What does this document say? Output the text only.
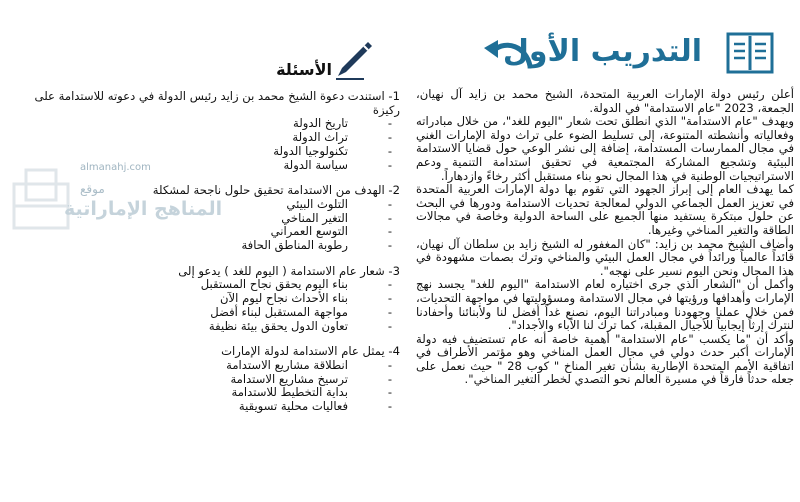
almanahj.com
موقع
المناهج الإماراتية
التدريب الأول

أعلن رئيس دولة الإمارات العربية المتحدة، الشيخ محمد بن زايد آل نهيان، الجمعة، 2023 "عام الاستدامة" في الدولة.

ويهدف "عام الاستدامة" الذي انطلق تحت شعار "اليوم للغد"، من خلال مبادراته وفعالياته وأنشطته المتنوعة، إلى تسليط الضوء على تراث دولة الإمارات الغني في مجال الممارسات المستدامة، إضافة إلى نشر الوعي حول قضايا الاستدامة البيئية وتشجيع المشاركة المجتمعية في تحقيق استدامة التنمية ودعم الاستراتيجيات الوطنية في هذا المجال نحو بناء مستقبل أكثر رخاءً وازدهاراً.

كما يهدف العام إلى إبراز الجهود التي تقوم بها دولة الإمارات العربية المتحدة في تعزيز العمل الجماعي الدولي لمعالجة تحديات الاستدامة ودورها في البحث عن حلول مبتكرة يستفيد منها الجميع على الساحة الدولية وخاصة في مجالات الطاقة والتغير المناخي وغيرها.

وأضاف الشيخ محمد بن زايد: "كان المغفور له الشيخ زايد بن سلطان آل نهيان، قائداً عالمياً ورائداً في مجال العمل البيئي والمناخي وترك بصمات مشهودة في هذا المجال ونحن اليوم نسير على نهجه".

وأكمل أن "الشعار الذي جرى اختياره لعام الاستدامة "اليوم للغد" يجسد نهج الإمارات وأهدافها ورؤيتها في مجال الاستدامة ومسؤوليتها في مواجهة التحديات، فمن خلال عملنا وجهودنا ومبادراتنا اليوم، نصنع غداً أفضل لنا ولأبنائنا وأحفادنا لنترك إرثاً إيجابياً للأجيال المقبلة، كما ترك لنا الآباء والأجداد".

وأكد أن "ما يكسب "عام الاستدامة" أهمية خاصة أنه عام تستضيف فيه دولة الإمارات أكبر حدث دولي في مجال العمل المناخي وهو مؤتمر الأطراف في اتفاقية الأمم المتحدة الإطارية بشأن تغير المناخ " كوب 28 " حيث نعمل على جعله حدثاً فارقاً في مسيرة العالم نحو التصدي لخطر التغير المناخي".

الأسئلة

1- استندت دعوة الشيخ محمد بن زايد رئيس الدولة في دعوته للاستدامة على ركيزة

- تاريخ الدولة
- تراث الدولة
- تكنولوجيا الدولة
- سياسة الدولة

2- الهدف من الاستدامة تحقيق حلول ناجحة لمشكلة

- التلوث البيئي
- التغير المناخي
- التوسع العمراني
- رطوبة المناطق الحافة

3- شعار عام الاستدامة ( اليوم للغد ) يدعو إلى

- بناء اليوم يحقق نجاح المستقبل
- بناء الأحداث نجاح ليوم الآن
- مواجهة المستقبل لبناء أفضل
- تعاون الدول يحقق بيئة نظيفة

4- يمثل عام الاستدامة لدولة الإمارات

- انطلاقة مشاريع الاستدامة
- ترسيخ مشاريع الاستدامة
- بداية التخطيط للاستدامة
- فعاليات محلية تسويقية
